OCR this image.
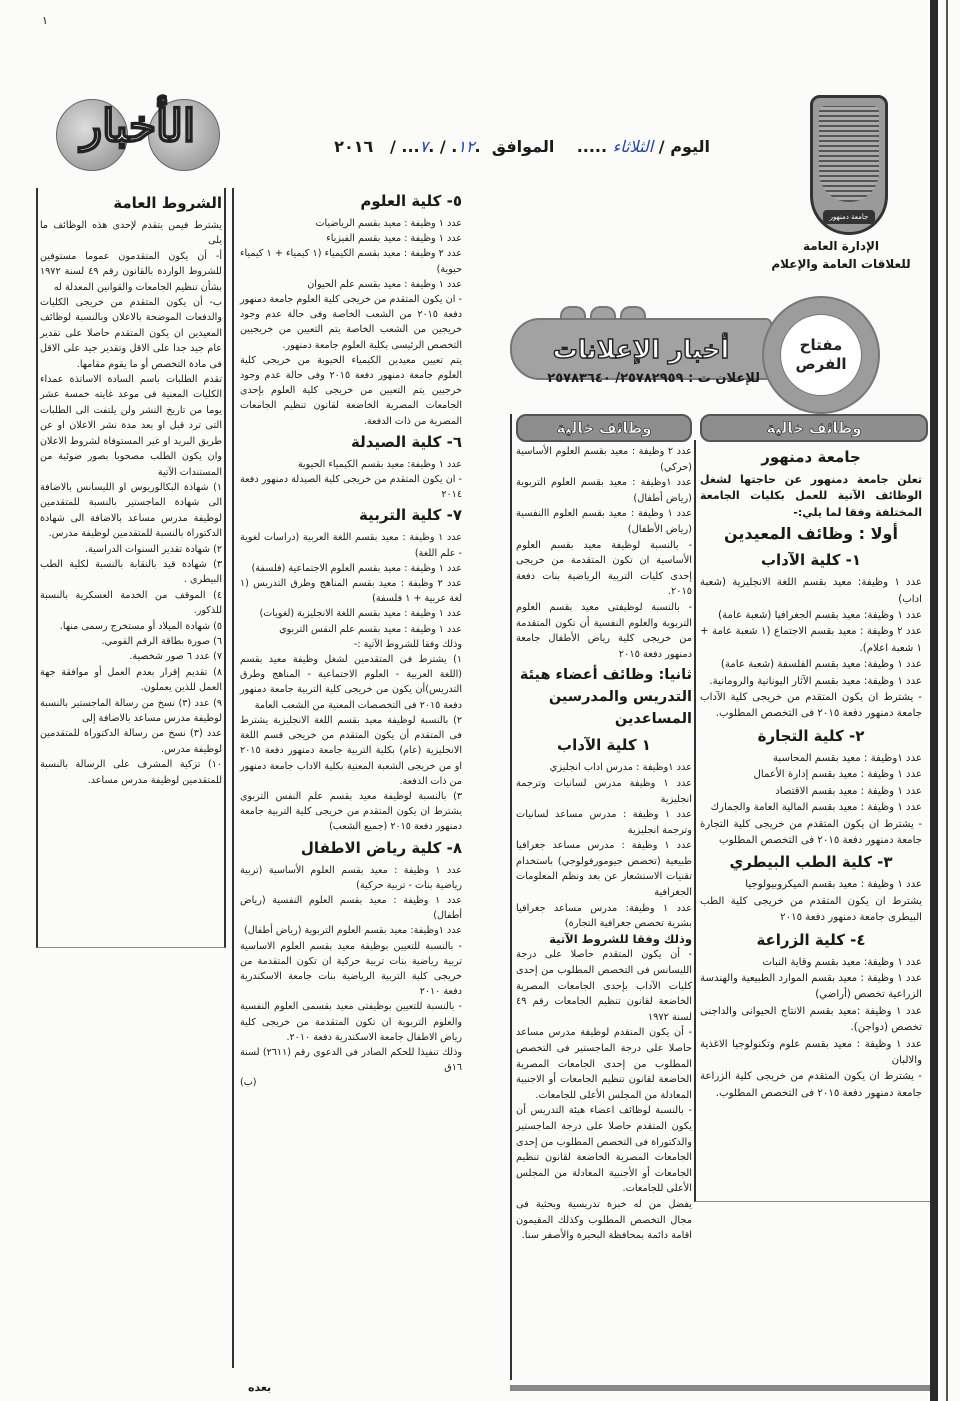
١
جامعة دمنهور
الإدارة العامة
للعلاقات العامة والإعلام
اليوم / الثلاثاء .....    الموافق  .١٢. / .٧... /   ٢٠١٦
الأخبار
أخبار الإعلانات	مفتاح
الفرص
للإعلان ت : ٢٥٧٨٢٩٥٩/ ٢٥٧٨٣٦٤٠
وظائف خالية
وظائف خالية
جامعة دمنهور

تعلن جامعة دمنهور عن حاجتها لشغل الوظائف الآتية للعمل بكليات الجامعة المختلفة وفقا لما يلي:-

أولا : وظائف المعيدين
١- كلية الآداب

عدد ١ وظيفة: معيد بقسم اللغة الانجليزية (شعبة اداب)

عدد ١ وظيفة: معيد بقسم الجغرافيا (شعبة عامة)

عدد ٢ وظيفة : معيد بقسم الاجتماع (١ شعبة عامة + ١ شعبة اعلام).

عدد ١ وظيفة: معيد بقسم الفلسفة (شعبة عامة)

عدد ١ وظيفة: معيد بقسم الآثار اليونانية والرومانية.

- يشترط ان يكون المتقدم من خريجى كلية الآداب جامعة دمنهور دفعة ٢٠١٥ فى التخصص المطلوب.

٢- كلية التجارة

عدد ١وظيفة : معيد بقسم المحاسبة

عدد ١ وظيفة : معيد بقسم إدارة الأعمال

عدد ١ وظيفة : معيد بقسم الاقتصاد

عدد ١ وظيفة : معيد بقسم المالية العامة والجمارك

- يشترط ان يكون المتقدم من خريجى كلية التجارة جامعة دمنهور دفعة ٢٠١٥ فى التخصص المطلوب

٣- كلية الطب البيطري

عدد ١ وظيفة : معيد بقسم الميكروبيولوجيا

يشترط ان يكون المتقدم من خريجى كلية الطب البيطرى جامعة دمنهور دفعة ٢٠١٥

٤- كلية الزراعة

عدد ١ وظيفة: معيد بقسم وقاية النبات

عدد ١ وظيفة : معيد بقسم الموارد الطبيعية والهندسة الزراعية تخصص (أراضي)

عدد ١ وظيفة :معيد بقسم الانتاج الحيوانى والداجنى تخصص (دواجن).

عدد ١ وظيفة : معيد بقسم علوم وتكنولوجيا الاغذية والالبان

- يشترط ان يكون المتقدم من خريجى كلية الزراعة جامعة دمنهور دفعة ٢٠١٥ فى التخصص المطلوب.

عدد ٢ وظيفة : معيد بقسم العلوم الأساسية (حركي)

عدد ١وظيفة : معيد بقسم العلوم التربوية (رياض أطفال)

عدد ١ وظيفة : معيد بقسم العلوم االنفسية (رياض الأطفال)

- بالنسبة لوظيفة معيد بقسم العلوم الأساسية ان تكون المتقدمة من خريجى إحدى كليات التربية الرياضية بنات دفعة ٢٠١٥.

- بالنسبة لوظيفتى معيد بقسم العلوم التربوية والعلوم النفسية أن تكون المتقدمة من خريجى كلية رياض الأطفال جامعة دمنهور دفعة ٢٠١٥

ثانيا: وظائف أعضاء هيئة التدريس والمدرسين المساعدين
١ كلية الآداب

عدد ١وظيفة : مدرس اداب انجليزي

عدد ١ وظيفة مدرس لسانيات وترجمة انجليزية

عدد ١ وظيفة : مدرس مساعد لسانيات وترجمة انجليزية

عدد ١ وظيفة : مدرس مساعد جغرافيا طبيعية (تخصص جيومورفولوجي) باستخدام تقنيات الاستشعار عن بعد ونظم المعلومات الجغرافية

عدد ١ وظيفة: مدرس مساعد جغرافيا بشرية تخصص جغرافية التجارة)

وذلك وفقا للشروط الآتية

- أن يكون المتقدم حاصلا على درجة الليسانس فى التخصص المطلوب من إحدى كليات الآداب بإحدى الجامعات المصرية الخاضعة لقانون تنظيم الجامعات رقم ٤٩ لسنة ١٩٧٢

- أن يكون المتقدم لوظيفة مدرس مساعد حاصلا على درجة الماجستير فى التخصص المطلوب من إحدى الجامعات المصرية الخاضعة لقانون تنظيم الجامعات أو الاجنبية المعادلة من المجلس الأعلى للجامعات.

- بالنسبة لوظائف اعضاء هيئة التدريس أن يكون المتقدم حاصلا على درجة الماجستير والدكتوراة فى التخصص المطلوب من إحدى الجامعات المصرية الخاضعة لقانون تنظيم الجامعات أو الأجنبية المعادلة من المجلس الأعلى للجامعات.

يفضل من له خبرة تدريسية وبحثية فى مجال التخصص المطلوب وكذلك المقيمون اقامة دائمة بمحافظة البحيرة والأصفر سنا.

٥- كلية العلوم

عدد ١ وظيفة : معيد بقسم الرياضيات

عدد ١ وظيفة : معيد بقسم الفيزياء

عدد ٢ وظيفة : معيد بقسم الكيمياء (١ كيمياء + ١ كيمياء حيوية)

عدد ١ وظيفة : معيد بقسم علم الحيوان

- ان يكون المتقدم من خريجى كلية العلوم جامعة دمنهور دفعة ٢٠١٥ من الشعب الخاصة وفى حالة عدم وجود خريجين من الشعب الخاصة يتم التعيين من خريجيين التخصص الرئيسى بكلية العلوم جامعة دمنهور.

يتم تعيين معيدين الكيمياء الحيوية من خريجى كلية العلوم جامعة دمنهور دفعة ٢٠١٥ وفى حالة عدم وجود خرجيين يتم التعيين من خريجى كلية العلوم بإحدى الجامعات المصرية الخاضعة لقانون تنظيم الجامعات المصرية من ذات الدفعة.

٦- كلية الصيدلة

عدد ١ وظيفة: معيد بقسم الكيمياء الحيوية

- ان يكون المتقدم من خريجى كلية الصيدلة دمنهور دفعة ٢٠١٤

٧- كلية التربية

عدد ١ وظيفة : معيد بقسم اللغة العربية (دراسات لغوية - علم اللغة)

عدد ١ وظيفة : معيد بقسم العلوم الاجتماعية (فلسفة)

عدد ٢ وظيفة : معيد بقسم المناهج وطرق التدريس (١ لغة عربية + ١ فلسفة)

عدد ١ وظيفة : معيد بقسم اللغة الانجليزية (لغويات)

عدد ١ وظيفة : معيد بقسم علم النفس التربوي

وذلك وفقا للشروط الآتية :-

١) يشترط فى المتقدمين لشغل وظيفة معيد بقسم (اللغة العربية - العلوم الاجتماعية - المناهج وطرق التدريس)أن يكون من خريجى كلية التربية جامعة دمنهور دفعة ٢٠١٥ فى التخصصات المعنية من الشعب العامة

٢) بالنسبة لوظيفة معيد بقسم اللغة الانجليزية يشترط فى المتقدم أن يكون المتقدم من خريجى قسم اللغة الانجليزية (عام) بكلية التربية جامعة دمنهور دفعة ٢٠١٥ او من خريجى الشعبة المعنية بكلية الاداب جامعة دمنهور من ذات الدفعة.

٣) بالنسبة لوظيفة معيد بقسم علم النفس التربوى يشترط ان يكون المتقدم من خريجى كلية التربية جامعة دمنهور دفعة ٢٠١٥ (جميع الشعب)

٨- كلية رياض الاطفال

عدد ١ وظيفة : معيد بقسم العلوم الأساسية (تربية رياضية بنات - تربية حركية)

عدد ١ وظيفة : معيد بقسم العلوم النفسية (رياض أطفال)

عدد ١وظيفة: معيد بقسم العلوم التربوية (رياض أطفال)

- بالنسبة للتعيين بوظيفة معيد بقسم العلوم الاساسية تربية رياضية بنات تربية حركية ان تكون المتقدمة من خريجى كلية التربية الرياضية بنات جامعة الاسكندرية دفعة ٢٠١٠

- بالنسبة للتعيين بوظيفتى معيد بقسمى العلوم النفسية والعلوم التربوية ان تكون المتقدمة من خريجى كلية رياض الاطفال جامعة الاسكندرية دفعة ٢٠١٠.

وذلك تنفيذا للحكم الصادر فى الدعوى رقم (٢٦١١) لسنة ١٦ق

(ب)

بعده
الشروط العامة

يشترط فيمن يتقدم لإحدى هذه الوظائف ما يلى

أ- أن يكون المتقدمون عموما مستوفين للشروط الواردة بالقانون رقم ٤٩ لسنة ١٩٧٢ بشأن تنظيم الجامعات والقوانين المعدلة له

ب- أن يكون المتقدم من خريجى الكليات والدفعات الموضحة بالاعلان وبالنسبة لوظائف المعيدين ان يكون المتقدم حاصلا على تقدير عام جيد جدا على الاقل وتقدير جيد على الاقل فى مادة التخصص أو ما يقوم مقامها.

تقدم الطلبات باسم السادة الاساتذة عمداء الكليات المعنية فى موعد غايته خمسة عشر يوما من تاريخ النشر ولن يلتفت الى الطلبات التى ترد قبل او بعد مدة نشر الاعلان او عن طريق البريد او غير المستوفاة لشروط الاعلان وان يكون الطلب مصحوبا بصور ضوئية من المستندات الآتية

١) شهادة البكالوريوس او الليسانس بالاضافة الى شهادة الماجستير بالنسبة للمتقدمين لوظيفة مدرس مساعد بالاضافة الى شهادة الدكتوراة بالنسبة للمتقدمين لوظيفة مدرس.

٢) شهادة تقدير السنوات الدراسية.

٣) شهادة قيد بالنقابة بالنسبة لكلية الطب البيطرى .

٤) الموقف من الخدمة العسكرية بالنسبة للذكور.

٥) شهادة الميلاد أو مستخرج رسمى منها.

٦) صورة بطاقة الرقم القومي.

٧) عدد ٦ صور شخصية.

٨) تقديم إقرار بعدم العمل أو موافقة جهة العمل للذين يعملون.

٩) عدد (٣) نسخ من رسالة الماجستير بالنسبة لوظيفة مدرس مساعد بالاضافة إلى

عدد (٣) نسخ من رسالة الدكتوراة للمتقدمين لوظيفة مدرس.

١٠) تزكية المشرف على الرسالة بالنسبة للمتقدمين لوظيفة مدرس مساعد.
